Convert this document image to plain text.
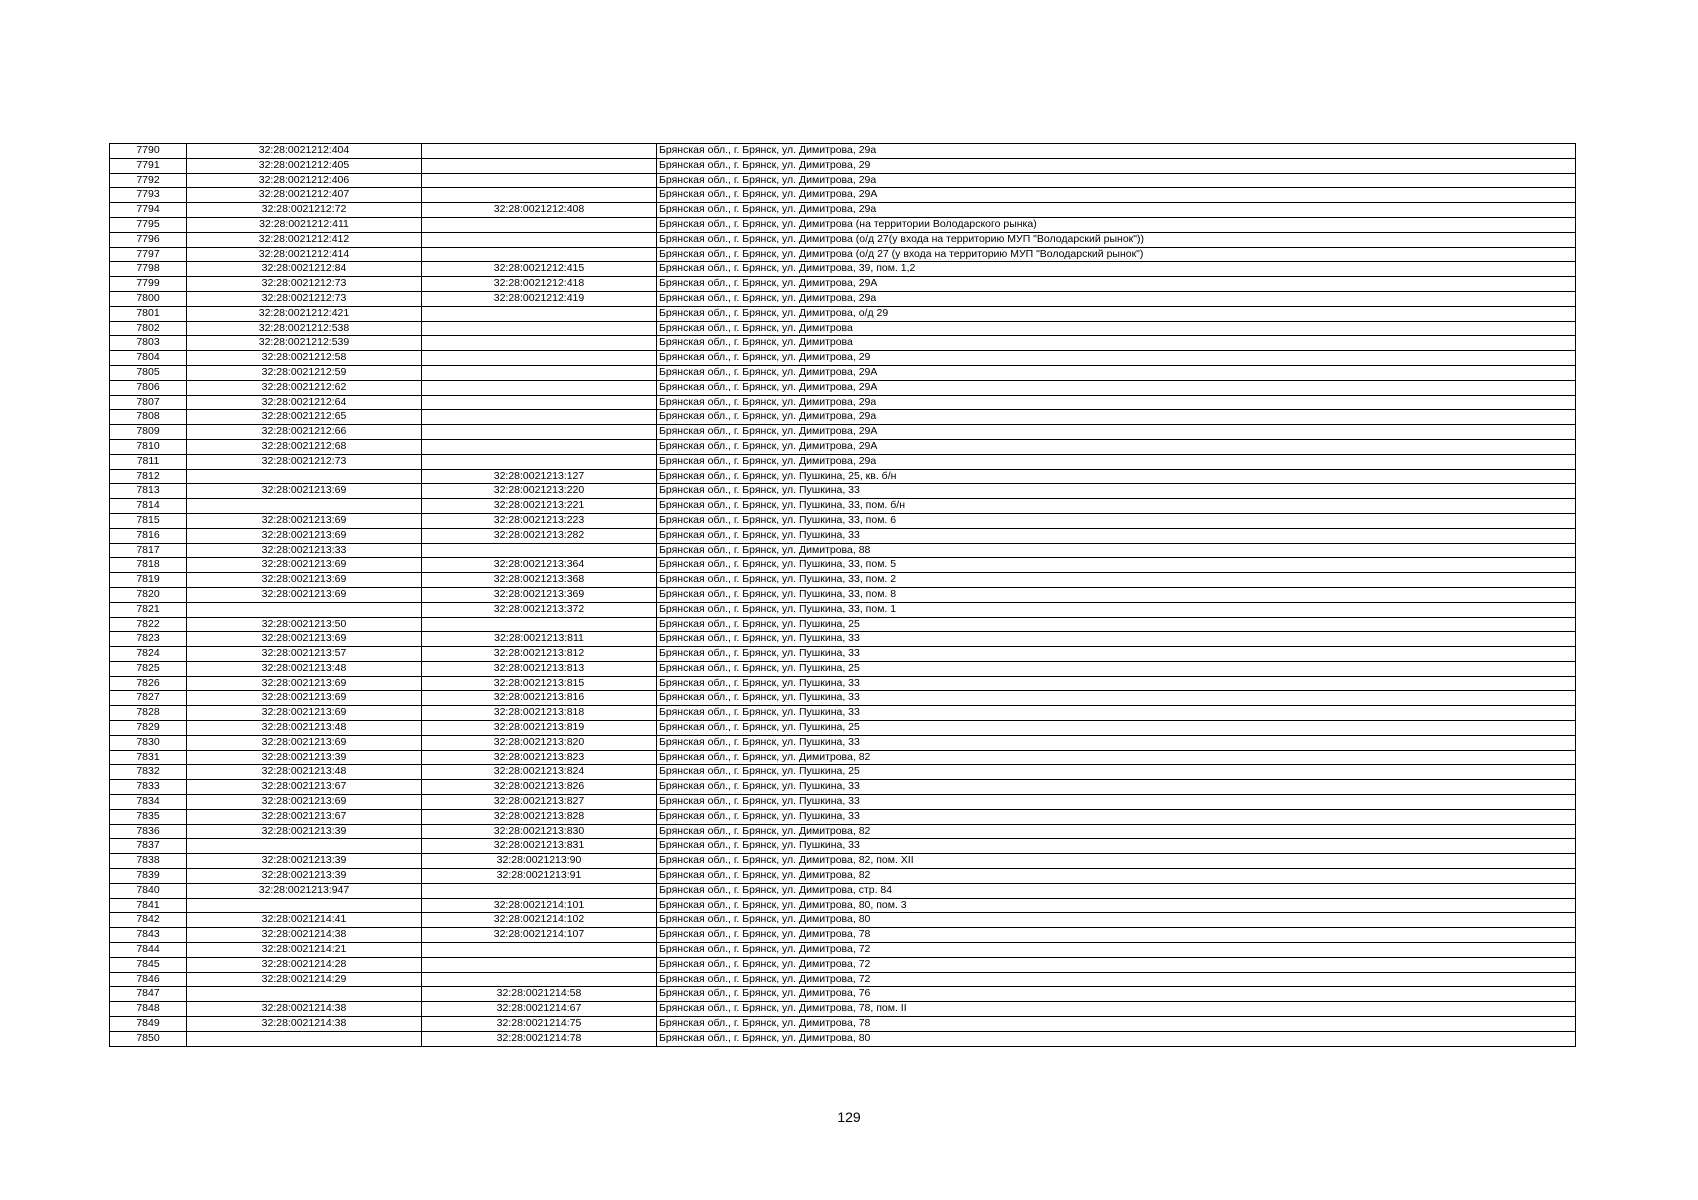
7790	32:28:0021212:404		Брянская обл., г. Брянск, ул. Димитрова, 29а
7791	32:28:0021212:405		Брянская обл., г. Брянск, ул. Димитрова, 29
7792	32:28:0021212:406		Брянская обл., г. Брянск, ул. Димитрова, 29а
7793	32:28:0021212:407		Брянская обл., г. Брянск, ул. Димитрова, 29А
7794	32:28:0021212:72	32:28:0021212:408	Брянская обл., г. Брянск, ул. Димитрова, 29а
7795	32:28:0021212:411		Брянская обл., г. Брянск, ул. Димитрова (на территории Володарского рынка)
7796	32:28:0021212:412		Брянская обл., г. Брянск, ул. Димитрова (о/д 27(у входа на территорию МУП "Володарский рынок"))
7797	32:28:0021212:414		Брянская обл., г. Брянск, ул. Димитрова (о/д 27 (у входа на территорию МУП "Володарский рынок")
7798	32:28:0021212:84	32:28:0021212:415	Брянская обл., г. Брянск, ул. Димитрова, 39, пом. 1,2
7799	32:28:0021212:73	32:28:0021212:418	Брянская обл., г. Брянск, ул. Димитрова, 29А
7800	32:28:0021212:73	32:28:0021212:419	Брянская обл., г. Брянск, ул. Димитрова, 29а
7801	32:28:0021212:421		Брянская обл., г. Брянск, ул. Димитрова, о/д 29
7802	32:28:0021212:538		Брянская обл., г. Брянск, ул. Димитрова
7803	32:28:0021212:539		Брянская обл., г. Брянск, ул. Димитрова
7804	32:28:0021212:58		Брянская обл., г. Брянск, ул. Димитрова, 29
7805	32:28:0021212:59		Брянская обл., г. Брянск, ул. Димитрова, 29А
7806	32:28:0021212:62		Брянская обл., г. Брянск, ул. Димитрова, 29А
7807	32:28:0021212:64		Брянская обл., г. Брянск, ул. Димитрова, 29а
7808	32:28:0021212:65		Брянская обл., г. Брянск, ул. Димитрова, 29а
7809	32:28:0021212:66		Брянская обл., г. Брянск, ул. Димитрова, 29А
7810	32:28:0021212:68		Брянская обл., г. Брянск, ул. Димитрова, 29А
7811	32:28:0021212:73		Брянская обл., г. Брянск, ул. Димитрова, 29а
7812		32:28:0021213:127	Брянская обл., г. Брянск, ул. Пушкина, 25, кв. б/н
7813	32:28:0021213:69	32:28:0021213:220	Брянская обл., г. Брянск, ул. Пушкина, 33
7814		32:28:0021213:221	Брянская обл., г. Брянск, ул. Пушкина, 33, пом. б/н
7815	32:28:0021213:69	32:28:0021213:223	Брянская обл., г. Брянск, ул. Пушкина, 33, пом. 6
7816	32:28:0021213:69	32:28:0021213:282	Брянская обл., г. Брянск, ул. Пушкина, 33
7817	32:28:0021213:33		Брянская обл., г. Брянск, ул. Димитрова, 88
7818	32:28:0021213:69	32:28:0021213:364	Брянская обл., г. Брянск, ул. Пушкина, 33, пом. 5
7819	32:28:0021213:69	32:28:0021213:368	Брянская обл., г. Брянск, ул. Пушкина, 33, пом. 2
7820	32:28:0021213:69	32:28:0021213:369	Брянская обл., г. Брянск, ул. Пушкина, 33, пом. 8
7821		32:28:0021213:372	Брянская обл., г. Брянск, ул. Пушкина, 33, пом. 1
7822	32:28:0021213:50		Брянская обл., г. Брянск, ул. Пушкина, 25
7823	32:28:0021213:69	32:28:0021213:811	Брянская обл., г. Брянск, ул. Пушкина, 33
7824	32:28:0021213:57	32:28:0021213:812	Брянская обл., г. Брянск, ул. Пушкина, 33
7825	32:28:0021213:48	32:28:0021213:813	Брянская обл., г. Брянск, ул. Пушкина, 25
7826	32:28:0021213:69	32:28:0021213:815	Брянская обл., г. Брянск, ул. Пушкина, 33
7827	32:28:0021213:69	32:28:0021213:816	Брянская обл., г. Брянск, ул. Пушкина, 33
7828	32:28:0021213:69	32:28:0021213:818	Брянская обл., г. Брянск, ул. Пушкина, 33
7829	32:28:0021213:48	32:28:0021213:819	Брянская обл., г. Брянск, ул. Пушкина, 25
7830	32:28:0021213:69	32:28:0021213:820	Брянская обл., г. Брянск, ул. Пушкина, 33
7831	32:28:0021213:39	32:28:0021213:823	Брянская обл., г. Брянск, ул. Димитрова, 82
7832	32:28:0021213:48	32:28:0021213:824	Брянская обл., г. Брянск, ул. Пушкина, 25
7833	32:28:0021213:67	32:28:0021213:826	Брянская обл., г. Брянск, ул. Пушкина, 33
7834	32:28:0021213:69	32:28:0021213:827	Брянская обл., г. Брянск, ул. Пушкина, 33
7835	32:28:0021213:67	32:28:0021213:828	Брянская обл., г. Брянск, ул. Пушкина, 33
7836	32:28:0021213:39	32:28:0021213:830	Брянская обл., г. Брянск, ул. Димитрова, 82
7837		32:28:0021213:831	Брянская обл., г. Брянск, ул. Пушкина, 33
7838	32:28:0021213:39	32:28:0021213:90	Брянская обл., г. Брянск, ул. Димитрова, 82, пом. XII
7839	32:28:0021213:39	32:28:0021213:91	Брянская обл., г. Брянск, ул. Димитрова, 82
7840	32:28:0021213:947		Брянская обл., г. Брянск, ул. Димитрова, стр. 84
7841		32:28:0021214:101	Брянская обл., г. Брянск, ул. Димитрова, 80, пом. 3
7842	32:28:0021214:41	32:28:0021214:102	Брянская обл., г. Брянск, ул. Димитрова, 80
7843	32:28:0021214:38	32:28:0021214:107	Брянская обл., г. Брянск, ул. Димитрова, 78
7844	32:28:0021214:21		Брянская обл., г. Брянск, ул. Димитрова, 72
7845	32:28:0021214:28		Брянская обл., г. Брянск, ул. Димитрова, 72
7846	32:28:0021214:29		Брянская обл., г. Брянск, ул. Димитрова, 72
7847		32:28:0021214:58	Брянская обл., г. Брянск, ул. Димитрова, 76
7848	32:28:0021214:38	32:28:0021214:67	Брянская обл., г. Брянск, ул. Димитрова, 78, пом. II
7849	32:28:0021214:38	32:28:0021214:75	Брянская обл., г. Брянск, ул. Димитрова, 78
7850		32:28:0021214:78	Брянская обл., г. Брянск, ул. Димитрова, 80
129
